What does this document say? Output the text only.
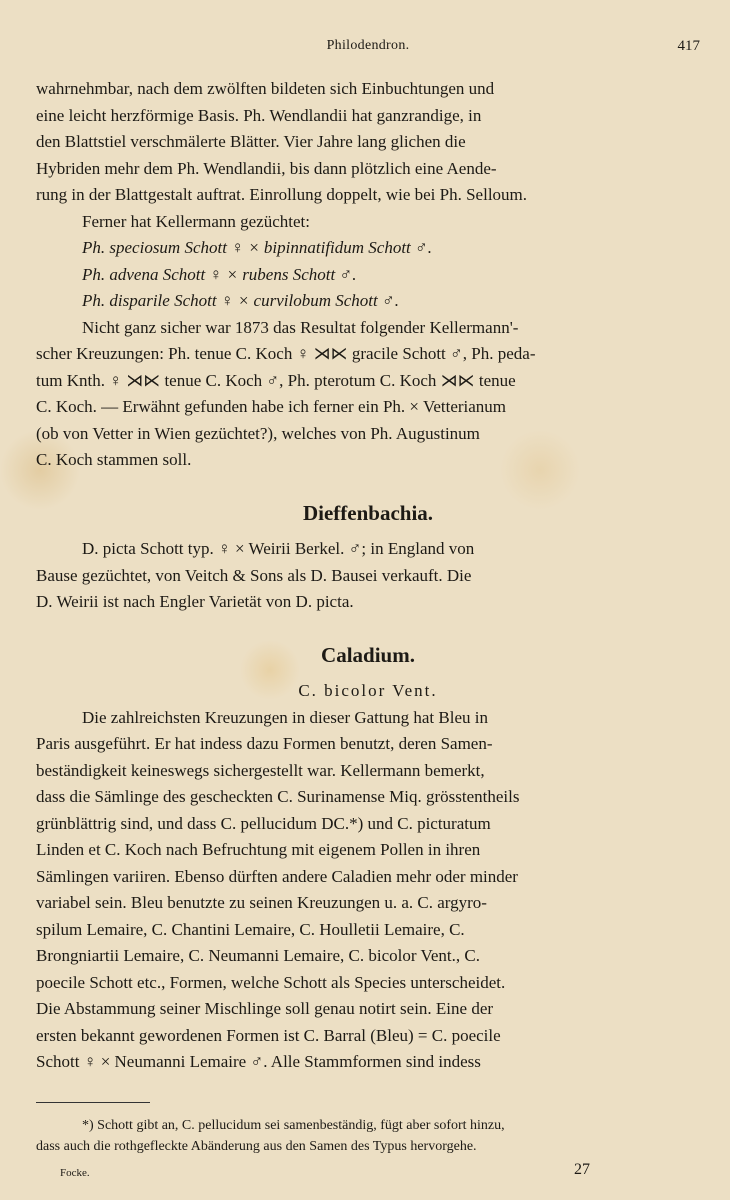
Philodendron.	417
wahrnehmbar, nach dem zwölften bildeten sich Einbuchtungen und
eine leicht herzförmige Basis. Ph. Wendlandii hat ganzrandige, in
den Blattstiel verschmälerte Blätter. Vier Jahre lang glichen die
Hybriden mehr dem Ph. Wendlandii, bis dann plötzlich eine Aende-
rung in der Blattgestalt auftrat. Einrollung doppelt, wie bei Ph. Selloum.
Ferner hat Kellermann gezüchtet:
Ph. speciosum Schott ♀ × bipinnatifidum Schott ♂.
Ph. advena Schott ♀ × rubens Schott ♂.
Ph. disparile Schott ♀ × curvilobum Schott ♂.
Nicht ganz sicher war 1873 das Resultat folgender Kellermann'-
scher Kreuzungen: Ph. tenue C. Koch ♀ ⋊⋉ gracile Schott ♂, Ph. peda-
tum Knth. ♀ ⋊⋉ tenue C. Koch ♂, Ph. pterotum C. Koch ⋊⋉ tenue
C. Koch. — Erwähnt gefunden habe ich ferner ein Ph. × Vetterianum
(ob von Vetter in Wien gezüchtet?), welches von Ph. Augustinum
C. Koch stammen soll.
Dieffenbachia.
D. picta Schott typ. ♀ × Weirii Berkel. ♂; in England von
Bause gezüchtet, von Veitch & Sons als D. Bausei verkauft. Die
D. Weirii ist nach Engler Varietät von D. picta.
Caladium.
C. bicolor Vent.
Die zahlreichsten Kreuzungen in dieser Gattung hat Bleu in
Paris ausgeführt. Er hat indess dazu Formen benutzt, deren Samen-
beständigkeit keineswegs sichergestellt war. Kellermann bemerkt,
dass die Sämlinge des gescheckten C. Surinamense Miq. grösstentheils
grünblättrig sind, und dass C. pellucidum DC.*) und C. picturatum
Linden et C. Koch nach Befruchtung mit eigenem Pollen in ihren
Sämlingen variiren. Ebenso dürften andere Caladien mehr oder minder
variabel sein. Bleu benutzte zu seinen Kreuzungen u. a. C. argyro-
spilum Lemaire, C. Chantini Lemaire, C. Houlletii Lemaire, C.
Brongniartii Lemaire, C. Neumanni Lemaire, C. bicolor Vent., C.
poecile Schott etc., Formen, welche Schott als Species unterscheidet.
Die Abstammung seiner Mischlinge soll genau notirt sein. Eine der
ersten bekannt gewordenen Formen ist C. Barral (Bleu) = C. poecile
Schott ♀ × Neumanni Lemaire ♂. Alle Stammformen sind indess
*) Schott gibt an, C. pellucidum sei samenbeständig, fügt aber sofort hinzu,
dass auch die rothgefleckte Abänderung aus den Samen des Typus hervorgehe.
Focke.	27
